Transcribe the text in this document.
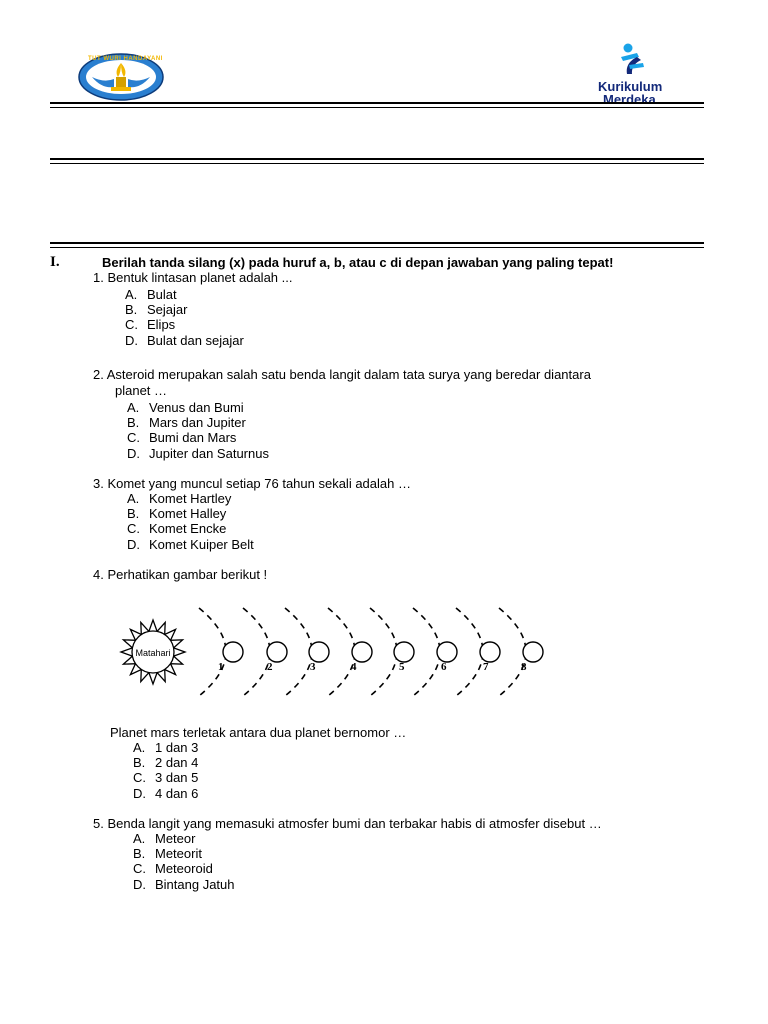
TUT WURI HANDAYANI
Kurikulum
Merdeka
I.	Berilah tanda silang (x) pada huruf a, b, atau c di depan jawaban yang paling tepat!
1. Bentuk lintasan planet adalah ...
A. Bulat
B. Sejajar
C. Elips
D. Bulat dan sejajar
2. Asteroid merupakan salah satu benda langit dalam tata surya yang beredar diantara
planet …
A. Venus dan Bumi
B. Mars dan Jupiter
C. Bumi dan Mars
D. Jupiter dan Saturnus
3. Komet yang muncul setiap 76 tahun sekali adalah …
A. Komet Hartley
B. Komet Halley
C. Komet Encke
D. Komet Kuiper Belt
4. Perhatikan gambar berikut !
Matahari
1	2	3	4	5	6	7	8
Planet mars terletak antara dua planet bernomor …
A. 1 dan 3
B. 2 dan 4
C. 3 dan 5
D. 4 dan 6
5. Benda langit yang memasuki atmosfer bumi dan terbakar habis di atmosfer disebut …
A. Meteor
B. Meteorit
C. Meteoroid
D. Bintang Jatuh
